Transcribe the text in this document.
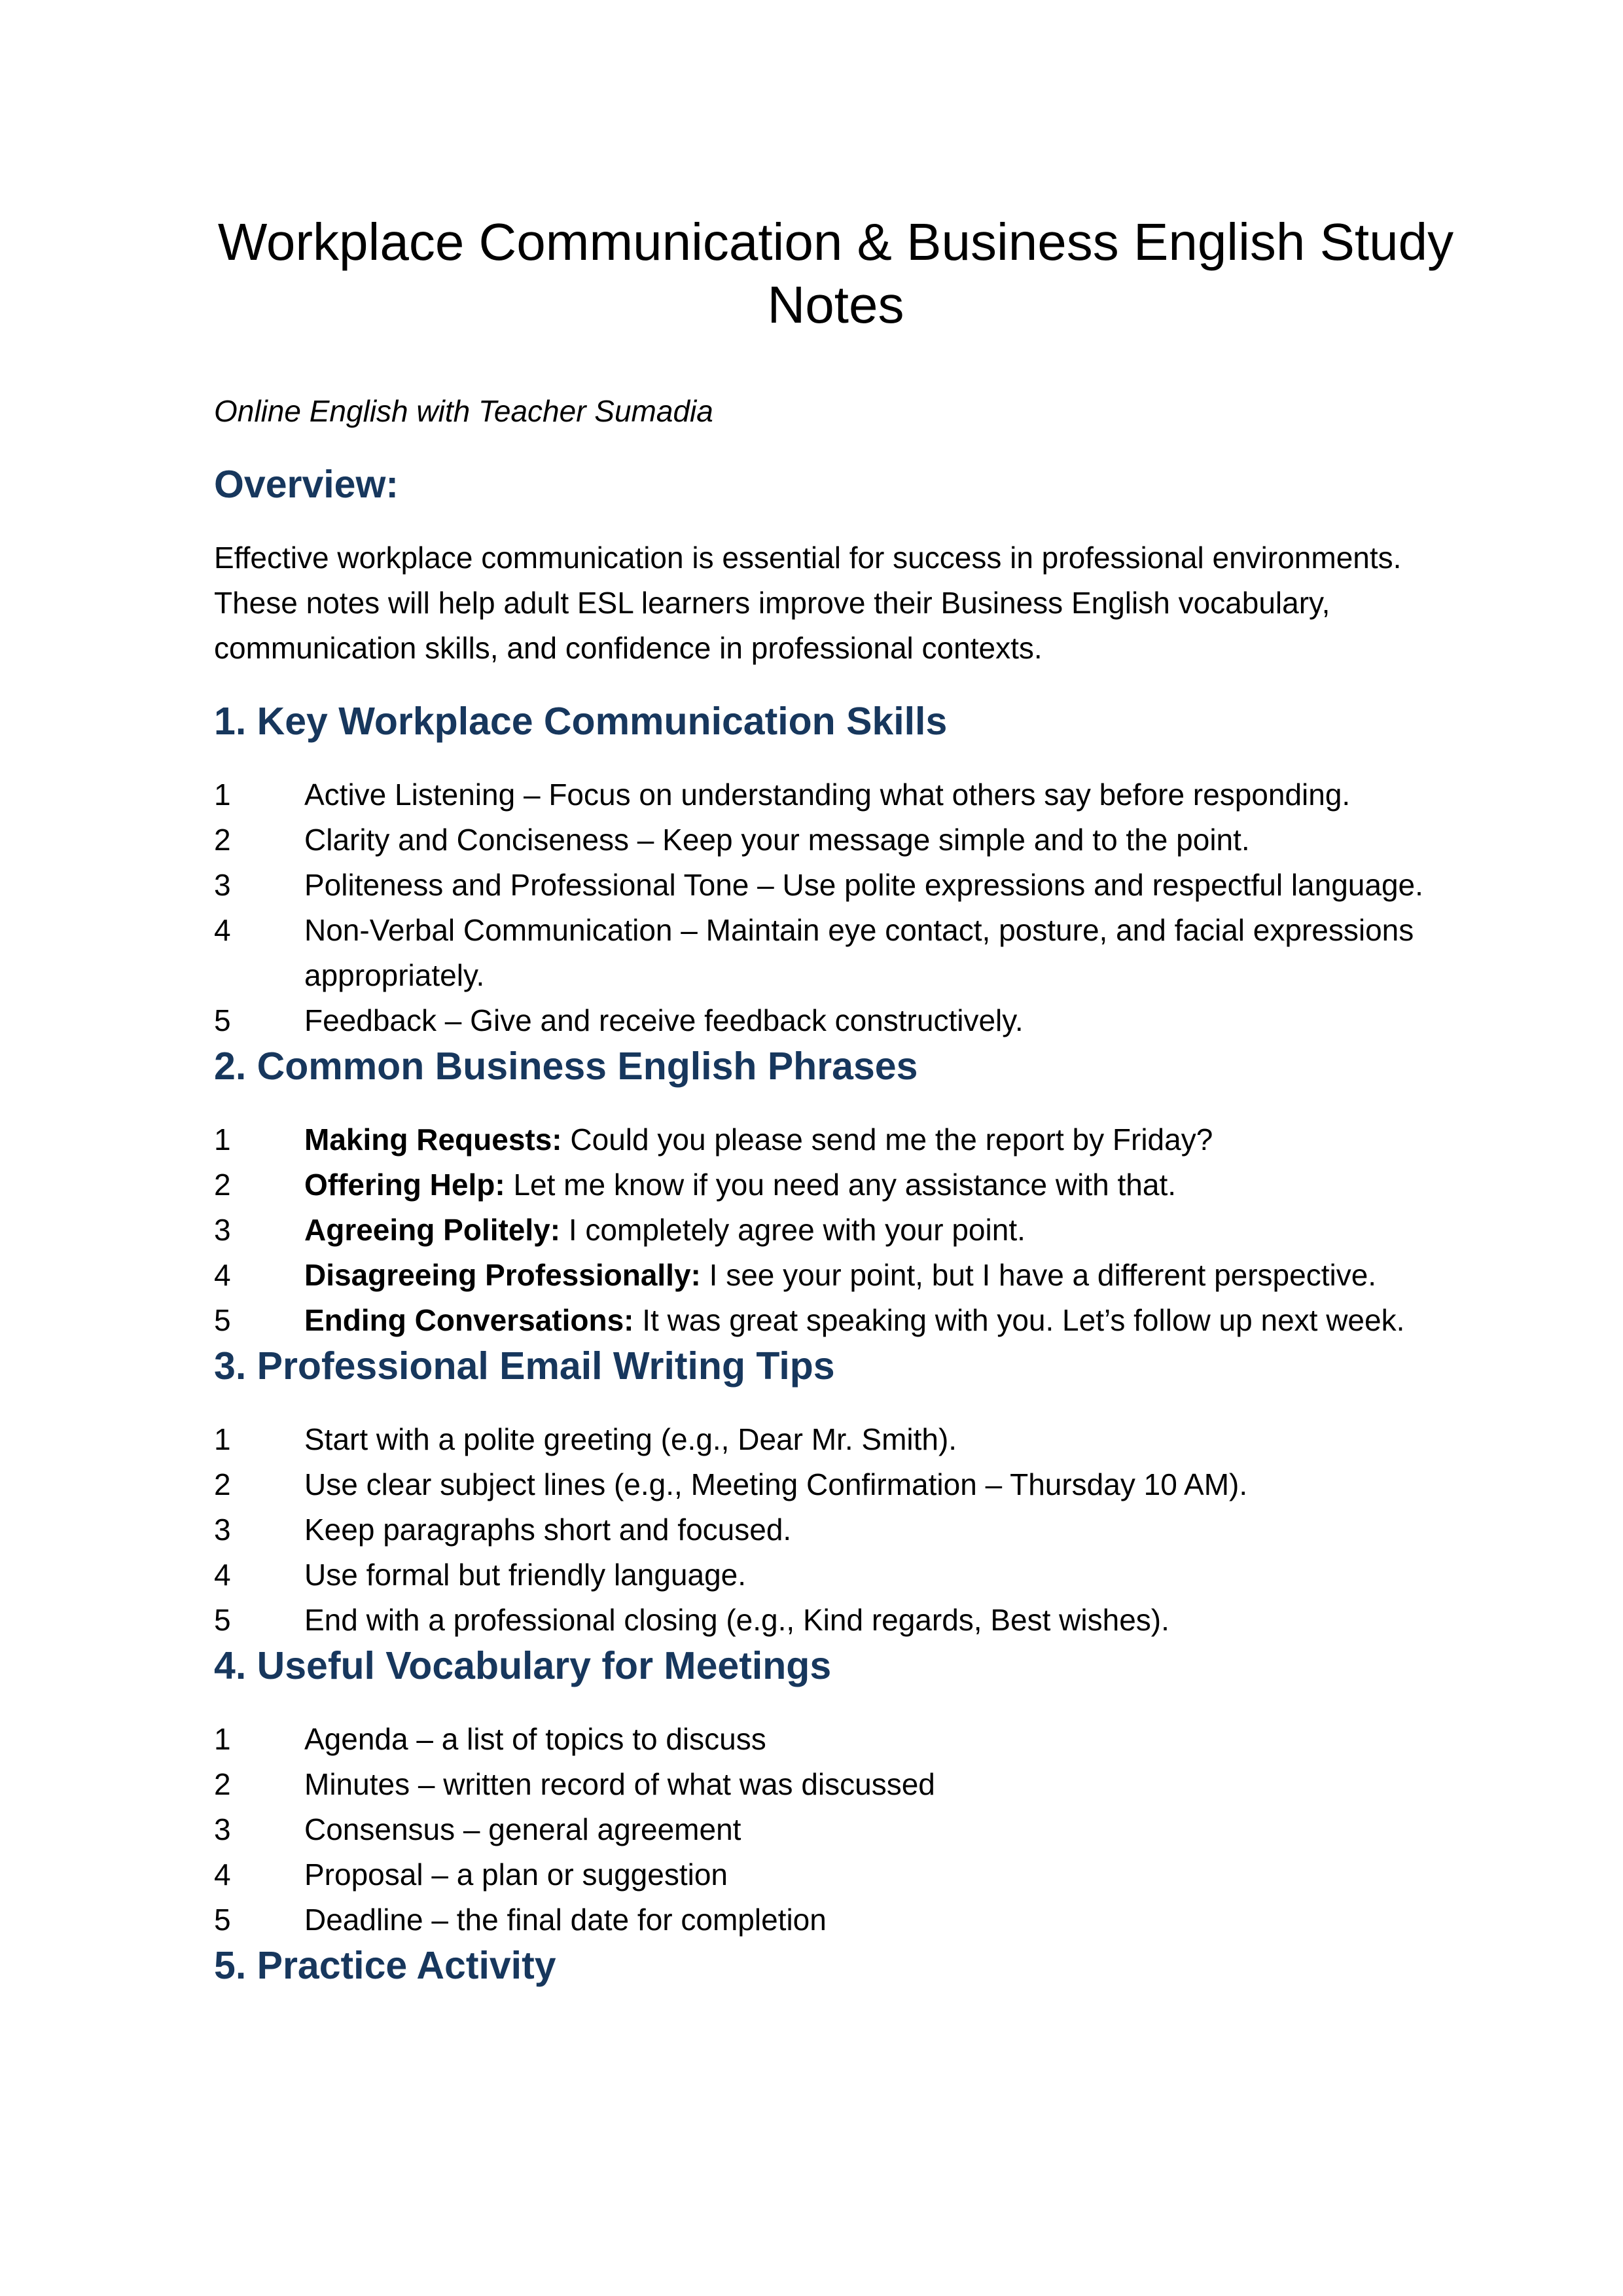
Workplace Communication & Business English Study Notes

Online English with Teacher Sumadia

Overview:

Effective workplace communication is essential for success in professional environments. These notes will help adult ESL learners improve their Business English vocabulary, communication skills, and confidence in professional contexts.

1. Key Workplace Communication Skills
1	Active Listening – Focus on understanding what others say before responding.
2	Clarity and Conciseness – Keep your message simple and to the point.
3	Politeness and Professional Tone – Use polite expressions and respectful language.
4	Non-Verbal Communication – Maintain eye contact, posture, and facial expressions appropriately.
5	Feedback – Give and receive feedback constructively.
2. Common Business English Phrases
1	Making Requests: Could you please send me the report by Friday?
2	Offering Help: Let me know if you need any assistance with that.
3	Agreeing Politely: I completely agree with your point.
4	Disagreeing Professionally: I see your point, but I have a different perspective.
5	Ending Conversations: It was great speaking with you. Let’s follow up next week.
3. Professional Email Writing Tips
1	Start with a polite greeting (e.g., Dear Mr. Smith).
2	Use clear subject lines (e.g., Meeting Confirmation – Thursday 10 AM).
3	Keep paragraphs short and focused.
4	Use formal but friendly language.
5	End with a professional closing (e.g., Kind regards, Best wishes).
4. Useful Vocabulary for Meetings
1	Agenda – a list of topics to discuss
2	Minutes – written record of what was discussed
3	Consensus – general agreement
4	Proposal – a plan or suggestion
5	Deadline – the final date for completion
5. Practice Activity
